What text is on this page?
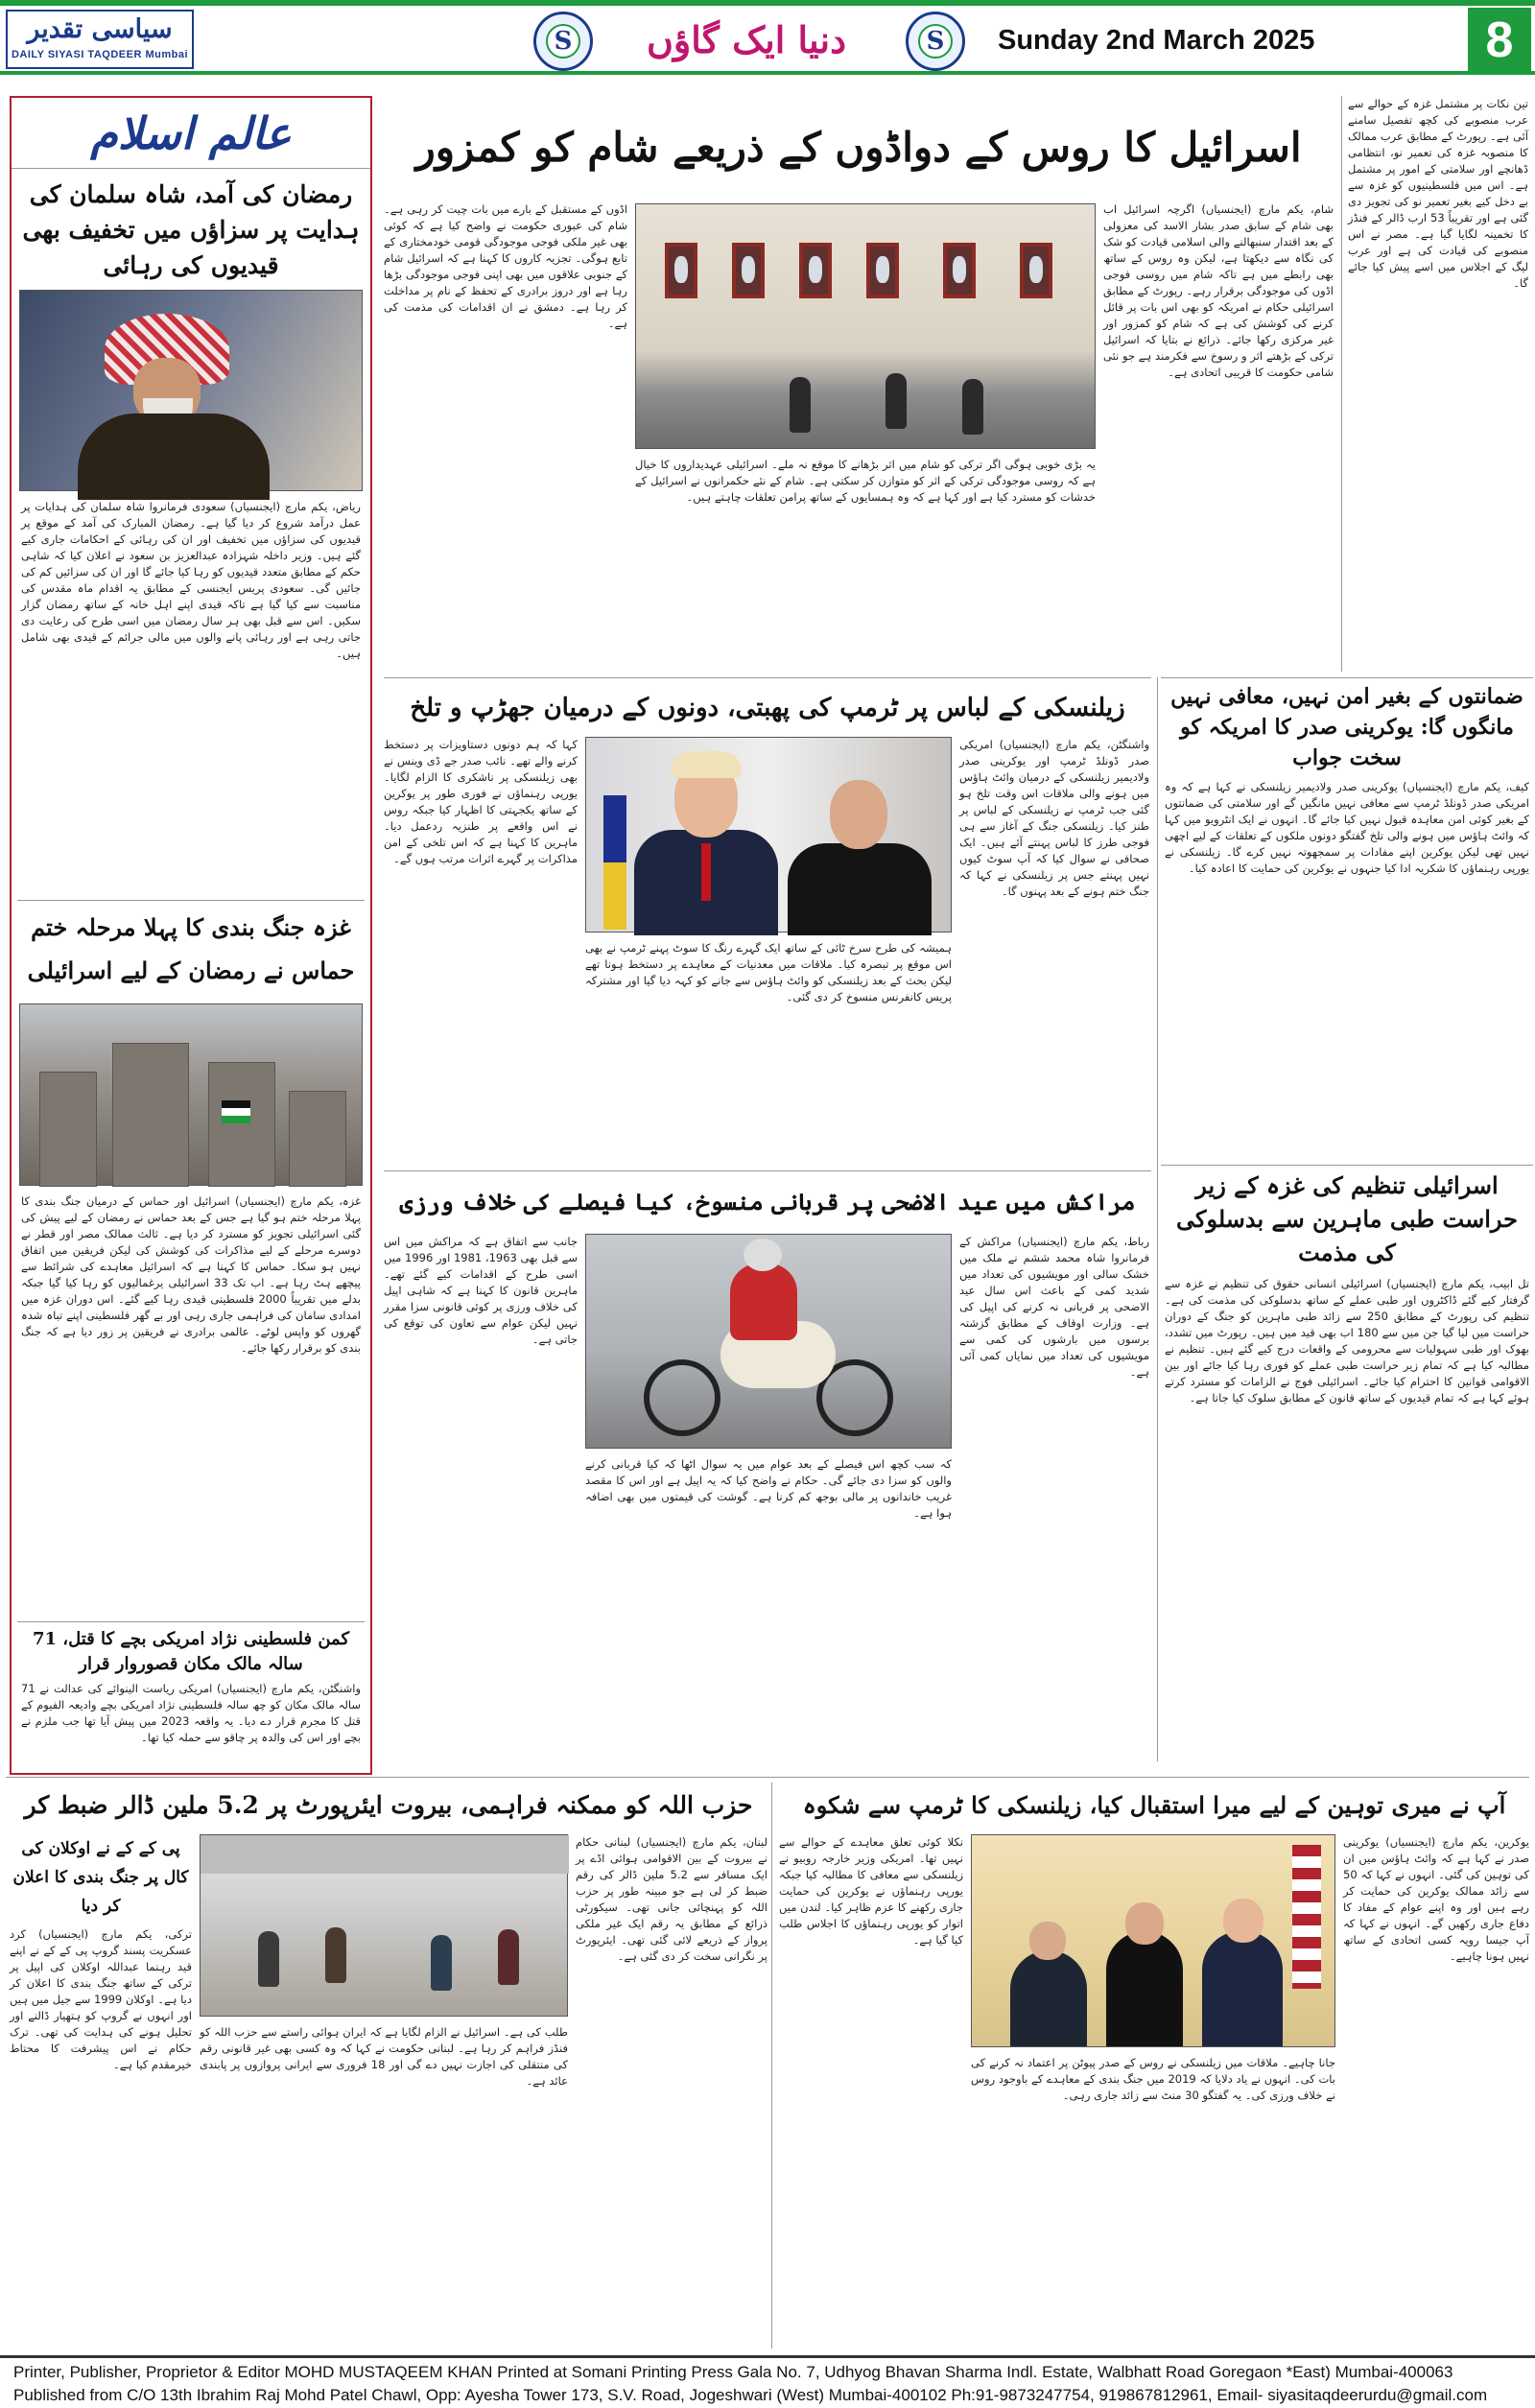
سیاسی تقدیر
DAILY SIYASI TAQDEER Mumbai	S	دنیا ایک گاؤں	S Sunday 2nd March 2025	8
عالم اسلام
رمضان کی آمد، شاہ سلمان کی ہدایت پر سزاؤں میں تخفیف بھی قیدیوں کی رہائی
ریاض، یکم مارچ (ایجنسیاں) سعودی فرمانروا شاہ سلمان کی ہدایات پر عمل درآمد شروع کر دیا گیا ہے۔ رمضان المبارک کی آمد کے موقع پر قیدیوں کی سزاؤں میں تخفیف اور ان کی رہائی کے احکامات جاری کیے گئے ہیں۔ وزیر داخلہ شہزادہ عبدالعزیز بن سعود نے اعلان کیا کہ شاہی حکم کے مطابق متعدد قیدیوں کو رہا کیا جائے گا اور ان کی سزائیں کم کی جائیں گی۔ سعودی پریس ایجنسی کے مطابق یہ اقدام ماہ مقدس کی مناسبت سے کیا گیا ہے تاکہ قیدی اپنے اہل خانہ کے ساتھ رمضان گزار سکیں۔ اس سے قبل بھی ہر سال رمضان میں اسی طرح کی رعایت دی جاتی رہی ہے اور رہائی پانے والوں میں مالی جرائم کے قیدی بھی شامل ہیں۔
غزہ جنگ بندی کا پہلا مرحلہ ختم حماس نے رمضان کے لیے اسرائیلی
غزہ، یکم مارچ (ایجنسیاں) اسرائیل اور حماس کے درمیان جنگ بندی کا پہلا مرحلہ ختم ہو گیا ہے جس کے بعد حماس نے رمضان کے لیے پیش کی گئی اسرائیلی تجویز کو مسترد کر دیا ہے۔ ثالث ممالک مصر اور قطر نے دوسرے مرحلے کے لیے مذاکرات کی کوشش کی لیکن فریقین میں اتفاق نہیں ہو سکا۔ حماس کا کہنا ہے کہ اسرائیل معاہدے کی شرائط سے پیچھے ہٹ رہا ہے۔ اب تک 33 اسرائیلی یرغمالیوں کو رہا کیا گیا جبکہ بدلے میں تقریباً 2000 فلسطینی قیدی رہا کیے گئے۔ اس دوران غزہ میں امدادی سامان کی فراہمی جاری رہی اور بے گھر فلسطینی اپنے تباہ شدہ گھروں کو واپس لوٹے۔ عالمی برادری نے فریقین پر زور دیا ہے کہ جنگ بندی کو برقرار رکھا جائے۔
کمن فلسطینی نژاد امریکی بچے کا قتل، 71 سالہ مالک مکان قصوروار قرار
واشنگٹن، یکم مارچ (ایجنسیاں) امریکی ریاست الینوائے کی عدالت نے 71 سالہ مالک مکان کو چھ سالہ فلسطینی نژاد امریکی بچے وادیعہ الفیوم کے قتل کا مجرم قرار دے دیا۔ یہ واقعہ 2023 میں پیش آیا تھا جب ملزم نے بچے اور اس کی والدہ پر چاقو سے حملہ کیا تھا۔
اسرائیل کا روس کے دواڈوں کے ذریعے شام کو کمزور
شام، یکم مارچ (ایجنسیاں) اگرچہ اسرائیل اب بھی شام کے سابق صدر بشار الاسد کی معزولی کے بعد اقتدار سنبھالنے والی اسلامی قیادت کو شک کی نگاہ سے دیکھتا ہے، لیکن وہ روس کے ساتھ بھی رابطے میں ہے تاکہ شام میں روسی فوجی اڈوں کی موجودگی برقرار رہے۔ رپورٹ کے مطابق اسرائیلی حکام نے امریکہ کو بھی اس بات پر قائل کرنے کی کوشش کی ہے کہ شام کو کمزور اور غیر مرکزی رکھا جائے۔ ذرائع نے بتایا کہ اسرائیل ترکی کے بڑھتے اثر و رسوخ سے فکرمند ہے جو نئی شامی حکومت کا قریبی اتحادی ہے۔
یہ بڑی خوبی ہوگی اگر ترکی کو شام میں اثر بڑھانے کا موقع نہ ملے۔ اسرائیلی عہدیداروں کا خیال ہے کہ روسی موجودگی ترکی کے اثر کو متوازن کر سکتی ہے۔ شام کے نئے حکمرانوں نے اسرائیل کے خدشات کو مسترد کیا ہے اور کہا ہے کہ وہ ہمسایوں کے ساتھ پرامن تعلقات چاہتے ہیں۔
اڈوں کے مستقبل کے بارے میں بات چیت کر رہی ہے۔ شام کی عبوری حکومت نے واضح کیا ہے کہ کوئی بھی غیر ملکی فوجی موجودگی قومی خودمختاری کے تابع ہوگی۔ تجزیہ کاروں کا کہنا ہے کہ اسرائیل شام کے جنوبی علاقوں میں بھی اپنی فوجی موجودگی بڑھا رہا ہے اور دروز برادری کے تحفظ کے نام پر مداخلت کر رہا ہے۔ دمشق نے ان اقدامات کی مذمت کی ہے۔
تین نکات پر مشتمل غزہ کے حوالے سے عرب منصوبے کی کچھ تفصیل سامنے آئی ہے۔ رپورٹ کے مطابق عرب ممالک کا منصوبہ غزہ کی تعمیر نو، انتظامی ڈھانچے اور سلامتی کے امور پر مشتمل ہے۔ اس میں فلسطینیوں کو غزہ سے بے دخل کیے بغیر تعمیر نو کی تجویز دی گئی ہے اور تقریباً 53 ارب ڈالر کے فنڈز کا تخمینہ لگایا گیا ہے۔ مصر نے اس منصوبے کی قیادت کی ہے اور عرب لیگ کے اجلاس میں اسے پیش کیا جائے گا۔
ضمانتوں کے بغیر امن نہیں، معافی نہیں مانگوں گا: یوکرینی صدر کا امریکہ کو سخت جواب
کیف، یکم مارچ (ایجنسیاں) یوکرینی صدر ولادیمیر زیلنسکی نے کہا ہے کہ وہ امریکی صدر ڈونلڈ ٹرمپ سے معافی نہیں مانگیں گے اور سلامتی کی ضمانتوں کے بغیر کوئی امن معاہدہ قبول نہیں کیا جائے گا۔ انہوں نے ایک انٹرویو میں کہا کہ وائٹ ہاؤس میں ہونے والی تلخ گفتگو دونوں ملکوں کے تعلقات کے لیے اچھی نہیں تھی لیکن یوکرین اپنے مفادات پر سمجھوتہ نہیں کرے گا۔ زیلنسکی نے یورپی رہنماؤں کا شکریہ ادا کیا جنہوں نے یوکرین کی حمایت کا اعادہ کیا۔
اسرائیلی تنظیم کی غزہ کے زیر حراست طبی ماہرین سے بدسلوکی کی مذمت
تل ابیب، یکم مارچ (ایجنسیاں) اسرائیلی انسانی حقوق کی تنظیم نے غزہ سے گرفتار کیے گئے ڈاکٹروں اور طبی عملے کے ساتھ بدسلوکی کی مذمت کی ہے۔ تنظیم کی رپورٹ کے مطابق 250 سے زائد طبی ماہرین کو جنگ کے دوران حراست میں لیا گیا جن میں سے 180 اب بھی قید میں ہیں۔ رپورٹ میں تشدد، بھوک اور طبی سہولیات سے محرومی کے واقعات درج کیے گئے ہیں۔ تنظیم نے مطالبہ کیا ہے کہ تمام زیر حراست طبی عملے کو فوری رہا کیا جائے اور بین الاقوامی قوانین کا احترام کیا جائے۔ اسرائیلی فوج نے الزامات کو مسترد کرتے ہوئے کہا ہے کہ تمام قیدیوں کے ساتھ قانون کے مطابق سلوک کیا جاتا ہے۔
زیلنسکی کے لباس پر ٹرمپ کی پھبتی، دونوں کے درمیان جھڑپ و تلخ
واشنگٹن، یکم مارچ (ایجنسیاں) امریکی صدر ڈونلڈ ٹرمپ اور یوکرینی صدر ولادیمیر زیلنسکی کے درمیان وائٹ ہاؤس میں ہونے والی ملاقات اس وقت تلخ ہو گئی جب ٹرمپ نے زیلنسکی کے لباس پر طنز کیا۔ زیلنسکی جنگ کے آغاز سے ہی فوجی طرز کا لباس پہنتے آئے ہیں۔ ایک صحافی نے سوال کیا کہ آپ سوٹ کیوں نہیں پہنتے جس پر زیلنسکی نے کہا کہ جنگ ختم ہونے کے بعد پہنوں گا۔
ہمیشہ کی طرح سرخ ٹائی کے ساتھ ایک گہرے رنگ کا سوٹ پہنے ٹرمپ نے بھی اس موقع پر تبصرہ کیا۔ ملاقات میں معدنیات کے معاہدے پر دستخط ہونا تھے لیکن بحث کے بعد زیلنسکی کو وائٹ ہاؤس سے جانے کو کہہ دیا گیا اور مشترکہ پریس کانفرنس منسوخ کر دی گئی۔
کہا کہ ہم دونوں دستاویزات پر دستخط کرنے والے تھے۔ نائب صدر جے ڈی وینس نے بھی زیلنسکی پر ناشکری کا الزام لگایا۔ یورپی رہنماؤں نے فوری طور پر یوکرین کے ساتھ یکجہتی کا اظہار کیا جبکہ روس نے اس واقعے پر طنزیہ ردعمل دیا۔ ماہرین کا کہنا ہے کہ اس تلخی کے امن مذاکرات پر گہرے اثرات مرتب ہوں گے۔
مراکش میں عید الاضحی پر قربانی منسوخ، کیا فیصلے کی خلاف ورزی
رباط، یکم مارچ (ایجنسیاں) مراکش کے فرمانروا شاہ محمد ششم نے ملک میں خشک سالی اور مویشیوں کی تعداد میں شدید کمی کے باعث اس سال عید الاضحی پر قربانی نہ کرنے کی اپیل کی ہے۔ وزارت اوقاف کے مطابق گزشتہ برسوں میں بارشوں کی کمی سے مویشیوں کی تعداد میں نمایاں کمی آئی ہے۔
کہ سب کچھ اس فیصلے کے بعد عوام میں یہ سوال اٹھا کہ کیا قربانی کرنے والوں کو سزا دی جائے گی۔ حکام نے واضح کیا کہ یہ اپیل ہے اور اس کا مقصد غریب خاندانوں پر مالی بوجھ کم کرنا ہے۔ گوشت کی قیمتوں میں بھی اضافہ ہوا ہے۔
جانب سے اتفاق ہے کہ مراکش میں اس سے قبل بھی 1963، 1981 اور 1996 میں اسی طرح کے اقدامات کیے گئے تھے۔ ماہرین قانون کا کہنا ہے کہ شاہی اپیل کی خلاف ورزی پر کوئی قانونی سزا مقرر نہیں لیکن عوام سے تعاون کی توقع کی جاتی ہے۔
حزب اللہ کو ممکنہ فراہمی، بیروت ایئرپورٹ پر 5.2 ملین ڈالر ضبط کر
لبنان، یکم مارچ (ایجنسیاں) لبنانی حکام نے بیروت کے بین الاقوامی ہوائی اڈے پر ایک مسافر سے 5.2 ملین ڈالر کی رقم ضبط کر لی ہے جو مبینہ طور پر حزب اللہ کو پہنچائی جانی تھی۔ سیکورٹی ذرائع کے مطابق یہ رقم ایک غیر ملکی پرواز کے ذریعے لائی گئی تھی۔ ایئرپورٹ پر نگرانی سخت کر دی گئی ہے۔
طلب کی ہے۔ اسرائیل نے الزام لگایا ہے کہ ایران ہوائی راستے سے حزب اللہ کو فنڈز فراہم کر رہا ہے۔ لبنانی حکومت نے کہا کہ وہ کسی بھی غیر قانونی رقم کی منتقلی کی اجازت نہیں دے گی اور 18 فروری سے ایرانی پروازوں پر پابندی عائد ہے۔
پی کے کے نے اوکلان کی کال پر جنگ بندی کا اعلان کر دیا
ترکی، یکم مارچ (ایجنسیاں) کرد عسکریت پسند گروپ پی کے کے نے اپنے قید رہنما عبداللہ اوکلان کی اپیل پر ترکی کے ساتھ جنگ بندی کا اعلان کر دیا ہے۔ اوکلان 1999 سے جیل میں ہیں اور انہوں نے گروپ کو ہتھیار ڈالنے اور تحلیل ہونے کی ہدایت کی تھی۔ ترک حکام نے اس پیشرفت کا محتاط خیرمقدم کیا ہے۔
آپ نے میری توہین کے لیے میرا استقبال کیا، زیلنسکی کا ٹرمپ سے شکوہ
یوکرین، یکم مارچ (ایجنسیاں) یوکرینی صدر نے کہا ہے کہ وائٹ ہاؤس میں ان کی توہین کی گئی۔ انہوں نے کہا کہ 50 سے زائد ممالک یوکرین کی حمایت کر رہے ہیں اور وہ اپنے عوام کے مفاد کا دفاع جاری رکھیں گے۔ انہوں نے کہا کہ آپ جیسا رویہ کسی اتحادی کے ساتھ نہیں ہونا چاہیے۔
جانا چاہیے۔ ملاقات میں زیلنسکی نے روس کے صدر پیوٹن پر اعتماد نہ کرنے کی بات کی۔ انہوں نے یاد دلایا کہ 2019 میں جنگ بندی کے معاہدے کے باوجود روس نے خلاف ورزی کی۔ یہ گفتگو 30 منٹ سے زائد جاری رہی۔
نکلا کوئی تعلق معاہدے کے حوالے سے نہیں تھا۔ امریکی وزیر خارجہ روبیو نے زیلنسکی سے معافی کا مطالبہ کیا جبکہ یورپی رہنماؤں نے یوکرین کی حمایت جاری رکھنے کا عزم ظاہر کیا۔ لندن میں اتوار کو یورپی رہنماؤں کا اجلاس طلب کیا گیا ہے۔
Printer, Publisher, Proprietor & Editor MOHD MUSTAQEEM KHAN Printed at Somani Printing Press Gala No. 7, Udhyog Bhavan Sharma Indl. Estate, Walbhatt Road Goregaon *East) Mumbai-400063
Published from C/O 13th Ibrahim Raj Mohd Patel Chawl, Opp: Ayesha Tower 173, S.V. Road, Jogeshwari (West) Mumbai-400102 Ph:91-9873247754, 919867812961, Email- siyasitaqdeerurdu@gmail.com
